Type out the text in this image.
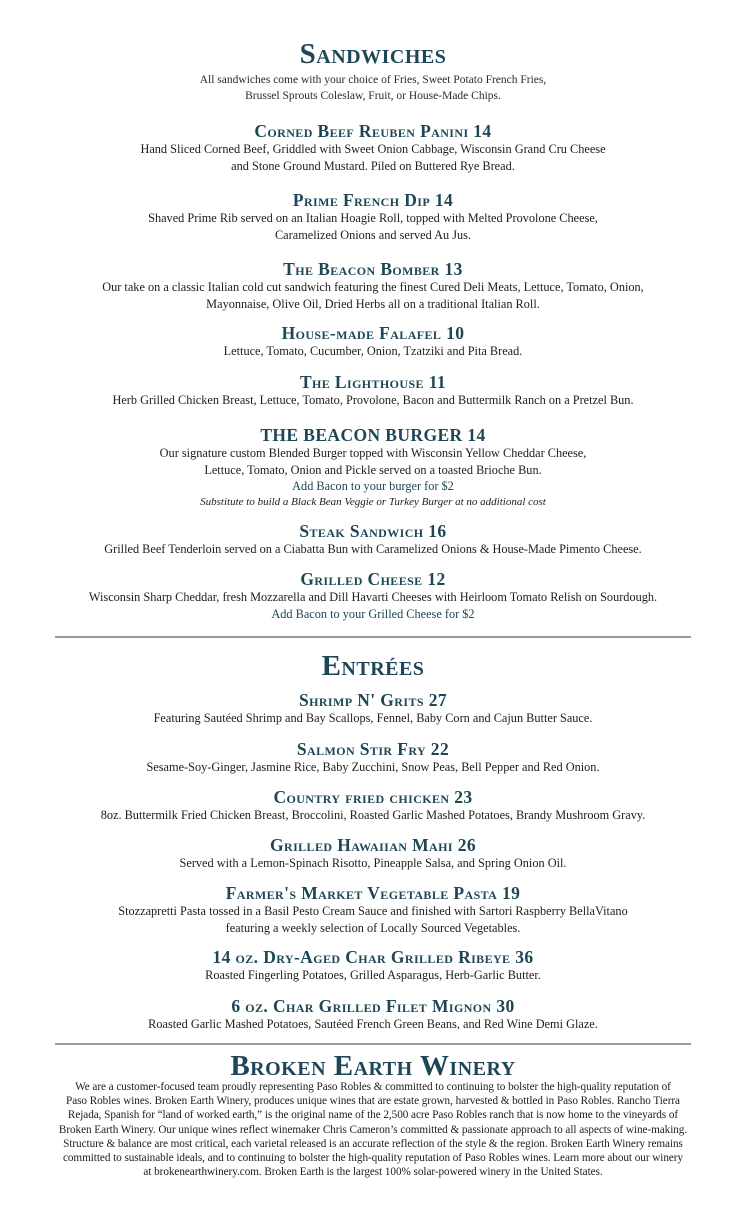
Sandwiches
All sandwiches come with your choice of Fries, Sweet Potato French Fries,
Brussel Sprouts Coleslaw, Fruit, or House-Made Chips.
Corned Beef Reuben Panini 14
Hand Sliced Corned Beef, Griddled with Sweet Onion Cabbage, Wisconsin Grand Cru Cheese
and Stone Ground Mustard. Piled on Buttered Rye Bread.
Prime French Dip 14
Shaved Prime Rib served on an Italian Hoagie Roll, topped with Melted Provolone Cheese,
Caramelized Onions and served Au Jus.
The Beacon Bomber 13
Our take on a classic Italian cold cut sandwich featuring the finest Cured Deli Meats, Lettuce, Tomato, Onion,
Mayonnaise, Olive Oil, Dried Herbs all on a traditional Italian Roll.
House-made Falafel 10
Lettuce, Tomato, Cucumber, Onion, Tzatziki and Pita Bread.
The Lighthouse 11
Herb Grilled Chicken Breast, Lettuce, Tomato, Provolone, Bacon and Buttermilk Ranch on a Pretzel Bun.
THE BEACON BURGER 14
Our signature custom Blended Burger topped with Wisconsin Yellow Cheddar Cheese,
Lettuce, Tomato, Onion and Pickle served on a toasted Brioche Bun.
Add Bacon to your burger for $2
Substitute to build a Black Bean Veggie or Turkey Burger at no additional cost
Steak Sandwich 16
Grilled Beef Tenderloin served on a Ciabatta Bun with Caramelized Onions & House-Made Pimento Cheese.
Grilled Cheese 12
Wisconsin Sharp Cheddar, fresh Mozzarella and Dill Havarti Cheeses with Heirloom Tomato Relish on Sourdough.
Add Bacon to your Grilled Cheese for $2
Entrées
Shrimp N' Grits 27
Featuring Sautéed Shrimp and Bay Scallops, Fennel, Baby Corn and Cajun Butter Sauce.
Salmon Stir Fry 22
Sesame-Soy-Ginger, Jasmine Rice, Baby Zucchini, Snow Peas, Bell Pepper and Red Onion.
Country fried chicken 23
8oz. Buttermilk Fried Chicken Breast, Broccolini, Roasted Garlic Mashed Potatoes, Brandy Mushroom Gravy.
Grilled Hawaiian Mahi 26
Served with a Lemon-Spinach Risotto, Pineapple Salsa, and Spring Onion Oil.
Farmer's Market Vegetable Pasta 19
Stozzapretti Pasta tossed in a Basil Pesto Cream Sauce and finished with Sartori Raspberry BellaVitano
featuring a weekly selection of Locally Sourced Vegetables.
14 oz. Dry-Aged Char Grilled Ribeye 36
Roasted Fingerling Potatoes, Grilled Asparagus, Herb-Garlic Butter.
6 oz. Char Grilled Filet Mignon 30
Roasted Garlic Mashed Potatoes, Sautéed French Green Beans, and Red Wine Demi Glaze.
Broken Earth Winery
We are a customer-focused team proudly representing Paso Robles & committed to continuing to bolster the high-quality reputation of
Paso Robles wines. Broken Earth Winery, produces unique wines that are estate grown, harvested & bottled in Paso Robles. Rancho Tierra
Rejada, Spanish for “land of worked earth,” is the original name of the 2,500 acre Paso Robles ranch that is now home to the vineyards of
Broken Earth Winery. Our unique wines reflect winemaker Chris Cameron’s committed & passionate approach to all aspects of wine-making.
Structure & balance are most critical, each varietal released is an accurate reflection of the style & the region. Broken Earth Winery remains
committed to sustainable ideals, and to continuing to bolster the high-quality reputation of Paso Robles wines. Learn more about our winery
at brokenearthwinery.com. Broken Earth is the largest 100% solar-powered winery in the United States.
